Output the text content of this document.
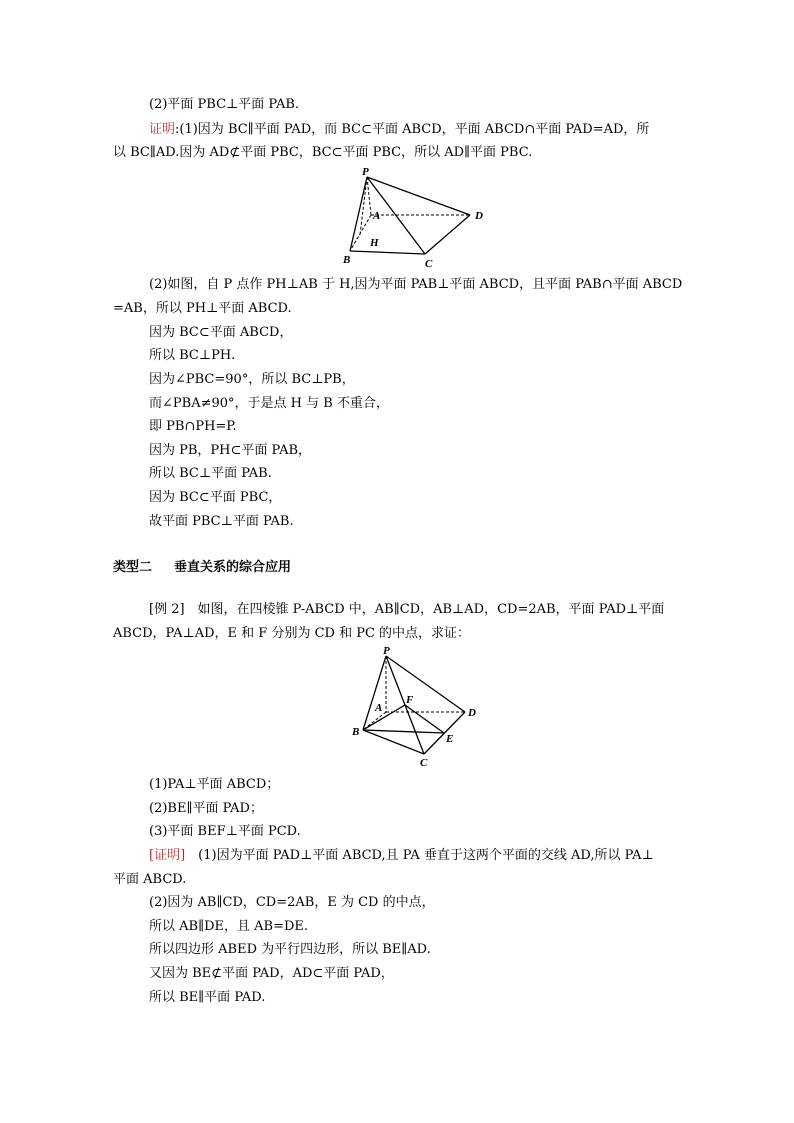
(2)平面 PBC⊥平面 PAB.
证明:(1)因为 BC∥平面 PAD，而 BC⊂平面 ABCD，平面 ABCD∩平面 PAD=AD，所
以 BC∥AD.因为 AD⊄平面 PBC，BC⊂平面 PBC，所以 AD∥平面 PBC.
P
A	D
H
B	C
(2)如图，自 P 点作 PH⊥AB 于 H,因为平面 PAB⊥平面 ABCD，且平面 PAB∩平面 ABCD
=AB，所以 PH⊥平面 ABCD.
因为 BC⊂平面 ABCD，
所以 BC⊥PH.
因为∠PBC=90°，所以 BC⊥PB，
而∠PBA≠90°，于是点 H 与 B 不重合，
即 PB∩PH=P.
因为 PB，PH⊂平面 PAB，
所以 BC⊥平面 PAB.
因为 BC⊂平面 PBC，
故平面 PBC⊥平面 PAB.
类型二 垂直关系的综合应用
[例 2]　如图，在四棱锥 P-ABCD 中，AB∥CD，AB⊥AD，CD=2AB，平面 PAD⊥平面
ABCD，PA⊥AD，E 和 F 分别为 CD 和 PC 的中点，求证：
P
F
A	D
B
E
C
(1)PA⊥平面 ABCD；
(2)BE∥平面 PAD；
(3)平面 BEF⊥平面 PCD.
[证明]　(1)因为平面 PAD⊥平面 ABCD,且 PA 垂直于这两个平面的交线 AD,所以 PA⊥
平面 ABCD.
(2)因为 AB∥CD，CD=2AB，E 为 CD 的中点，
所以 AB∥DE，且 AB=DE.
所以四边形 ABED 为平行四边形，所以 BE∥AD.
又因为 BE⊄平面 PAD，AD⊂平面 PAD，
所以 BE∥平面 PAD.
